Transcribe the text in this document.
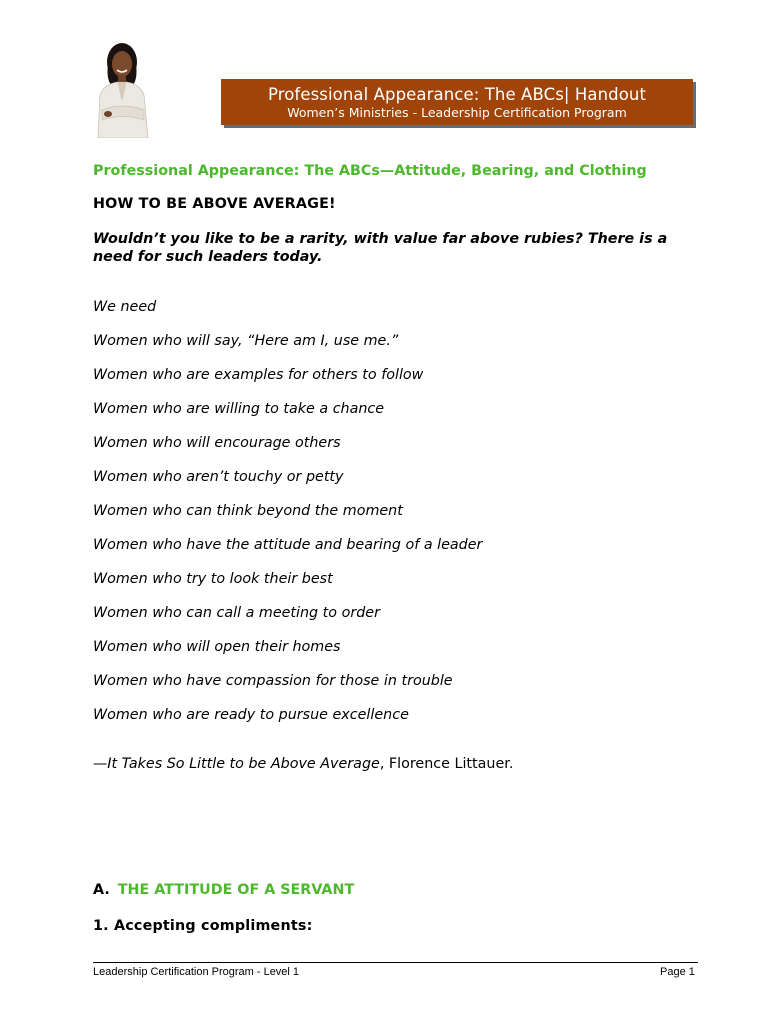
Professional Appearance: The ABCs| Handout
Women’s Ministries - Leadership Certification Program
Professional Appearance: The ABCs—Attitude, Bearing, and Clothing
HOW TO BE ABOVE AVERAGE!
Wouldn’t you like to be a rarity, with value far above rubies? There is a need for such leaders today.
We need
Women who will say, “Here am I, use me.”
Women who are examples for others to follow
Women who are willing to take a chance
Women who will encourage others
Women who aren’t touchy or petty
Women who can think beyond the moment
Women who have the attitude and bearing of a leader
Women who try to look their best
Women who can call a meeting to order
Women who will open their homes
Women who have compassion for those in trouble
Women who are ready to pursue excellence
—It Takes So Little to be Above Average, Florence Littauer.
A. THE ATTITUDE OF A SERVANT
1. Accepting compliments:
Leadership Certification Program - Level 1	Page 1
